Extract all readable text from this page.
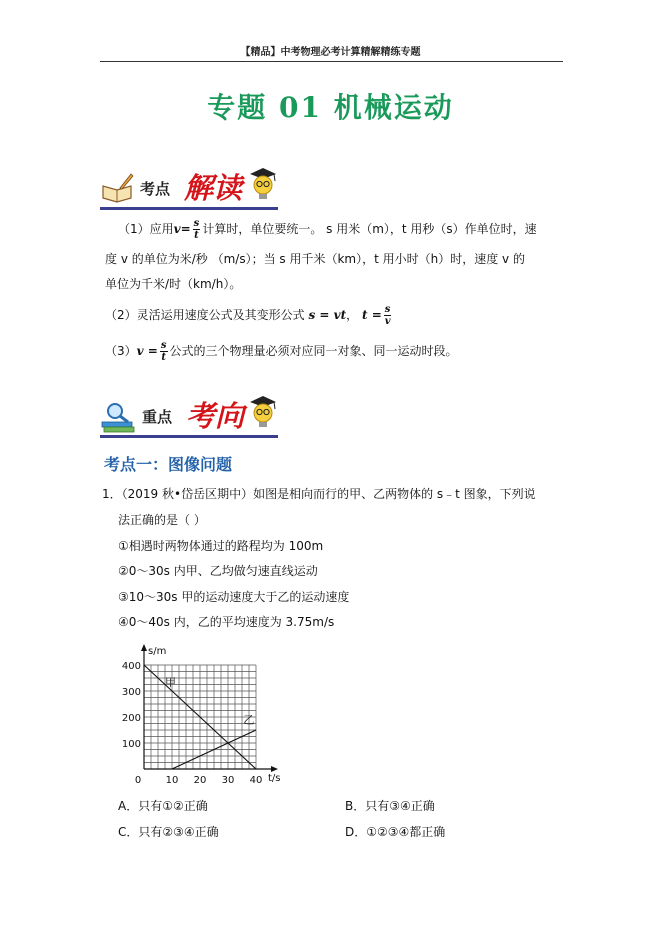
【精品】中考物理必考计算精解精练专题
专题 01 机械运动
考点 解读
（1）应用$v= \frac{s}{t}$ 计算时，单位要统一。 s 用米（m），t 用秒（s）作单位时，速
度 v 的单位为米/秒 （m/s）；当 s 用千米（km），t 用小时（h）时，速度 v 的
单位为千米/时（km/h）。
（2）灵活运用速度公式及其变形公式 s = vt， $t = \frac{s}{v}$
$(3)v = \frac{s}{t}$ 公式的三个物理量必须对应同一对象、同一运动时段。
重点 考向
考点一：图像问题
1．（2019 秋•岱岳区期中）如图是相向而行的甲、乙两物体的 s﹣t 图象，下列说
法正确的是（ ）
①相遇时两物体通过的路程均为 100m
②0～30s 内甲、乙均做匀速直线运动
③10～30s 甲的运动速度大于乙的运动速度
④0～40s 内，乙的平均速度为 3.75m/s
s/m
t/s
0 10 20 30 40
100
200
300
400
甲
乙
A．只有①②正确	B．只有③④正确
C．只有②③④正确	D．①②③④都正确
